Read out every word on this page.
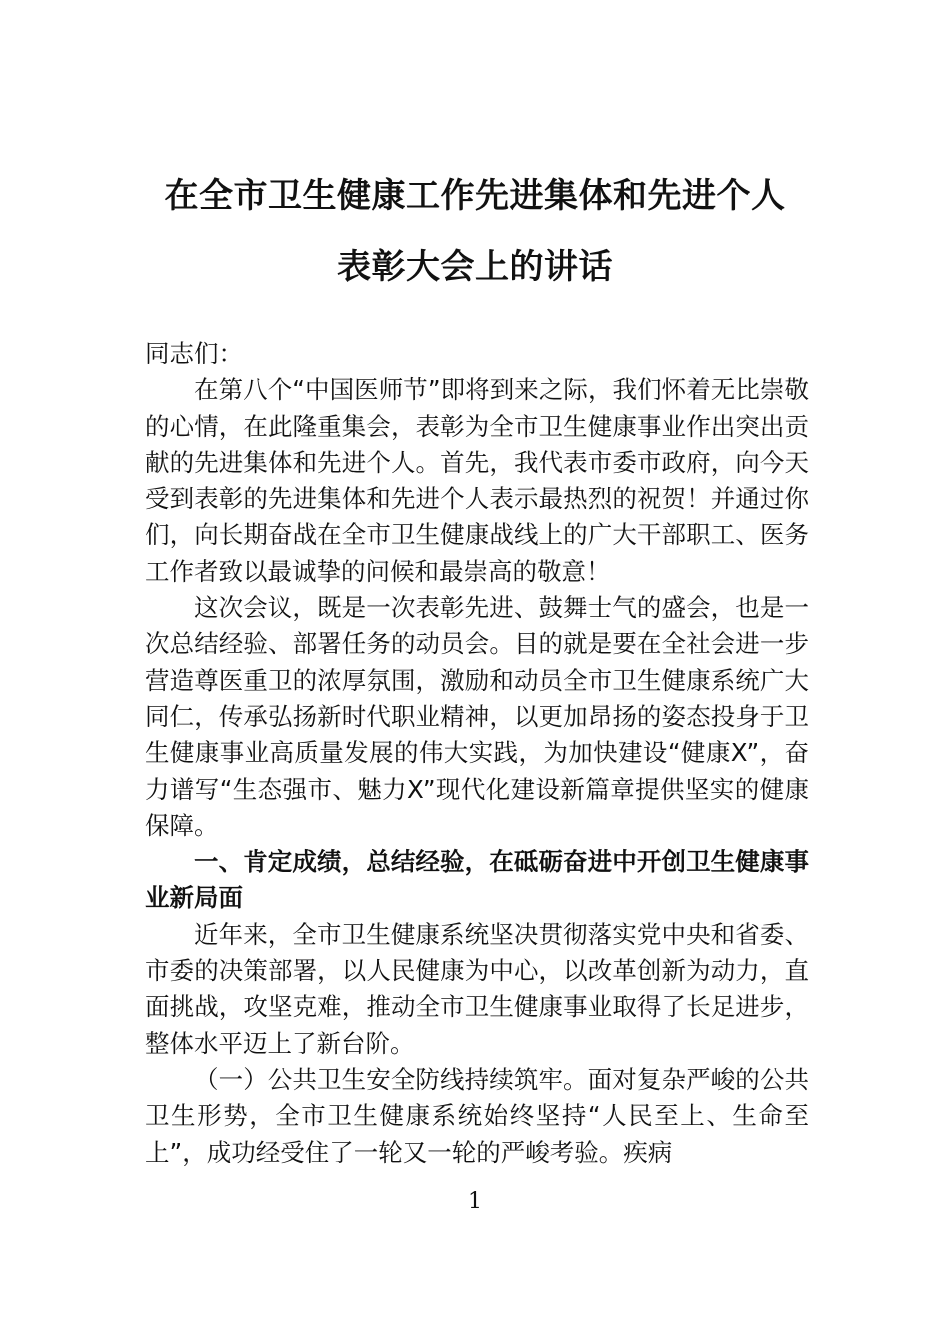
在全市卫生健康工作先进集体和先进个人
表彰大会上的讲话

同志们：

在第八个“中国医师节”即将到来之际，我们怀着无比崇敬的心情，在此隆重集会，表彰为全市卫生健康事业作出突出贡献的先进集体和先进个人。首先，我代表市委市政府，向今天受到表彰的先进集体和先进个人表示最热烈的祝贺！并通过你们，向长期奋战在全市卫生健康战线上的广大干部职工、医务工作者致以最诚挚的问候和最崇高的敬意！

这次会议，既是一次表彰先进、鼓舞士气的盛会，也是一次总结经验、部署任务的动员会。目的就是要在全社会进一步营造尊医重卫的浓厚氛围，激励和动员全市卫生健康系统广大同仁，传承弘扬新时代职业精神，以更加昂扬的姿态投身于卫生健康事业高质量发展的伟大实践，为加快建设“健康X”，奋力谱写“生态强市、魅力X”现代化建设新篇章提供坚实的健康保障。

一、肯定成绩，总结经验，在砥砺奋进中开创卫生健康事业新局面

近年来，全市卫生健康系统坚决贯彻落实党中央和省委、市委的决策部署，以人民健康为中心，以改革创新为动力，直面挑战，攻坚克难，推动全市卫生健康事业取得了长足进步，整体水平迈上了新台阶。

（一）公共卫生安全防线持续筑牢。面对复杂严峻的公共卫生形势，全市卫生健康系统始终坚持“人民至上、生命至上”，成功经受住了一轮又一轮的严峻考验。疾病

1
